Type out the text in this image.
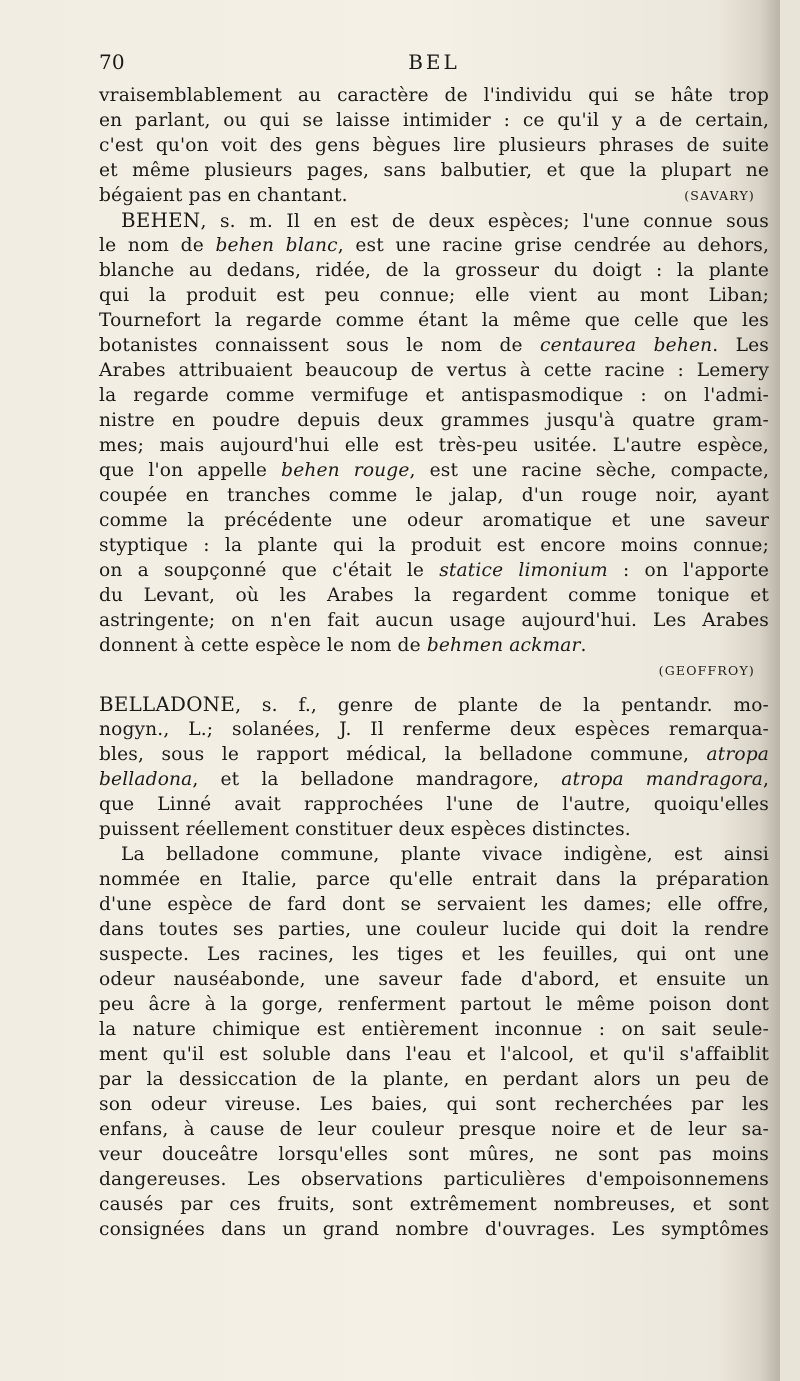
70	BEL
vraisemblablement au caractère de l'individu qui se hâte trop
en parlant, ou qui se laisse intimider : ce qu'il y a de certain,
c'est qu'on voit des gens bègues lire plusieurs phrases de suite
et même plusieurs pages, sans balbutier, et que la plupart ne
bégaient pas en chantant.	(SAVARY)
BEHEN, s. m. Il en est de deux espèces; l'une connue sous
le nom de behen blanc, est une racine grise cendrée au dehors,
blanche au dedans, ridée, de la grosseur du doigt : la plante
qui la produit est peu connue; elle vient au mont Liban;
Tournefort la regarde comme étant la même que celle que les
botanistes connaissent sous le nom de centaurea behen. Les
Arabes attribuaient beaucoup de vertus à cette racine : Lemery
la regarde comme vermifuge et antispasmodique : on l'admi-
nistre en poudre depuis deux grammes jusqu'à quatre gram-
mes; mais aujourd'hui elle est très-peu usitée. L'autre espèce,
que l'on appelle behen rouge, est une racine sèche, compacte,
coupée en tranches comme le jalap, d'un rouge noir, ayant
comme la précédente une odeur aromatique et une saveur
styptique : la plante qui la produit est encore moins connue;
on a soupçonné que c'était le statice limonium : on l'apporte
du Levant, où les Arabes la regardent comme tonique et
astringente; on n'en fait aucun usage aujourd'hui. Les Arabes
donnent à cette espèce le nom de behmen ackmar.
(GEOFFROY)
BELLADONE, s. f., genre de plante de la pentandr. mo-
nogyn., L.; solanées, J. Il renferme deux espèces remarqua-
bles, sous le rapport médical, la belladone commune, atropa
belladona, et la belladone mandragore, atropa mandragora,
que Linné avait rapprochées l'une de l'autre, quoiqu'elles
puissent réellement constituer deux espèces distinctes.
La belladone commune, plante vivace indigène, est ainsi
nommée en Italie, parce qu'elle entrait dans la préparation
d'une espèce de fard dont se servaient les dames; elle offre,
dans toutes ses parties, une couleur lucide qui doit la rendre
suspecte. Les racines, les tiges et les feuilles, qui ont une
odeur nauséabonde, une saveur fade d'abord, et ensuite un
peu âcre à la gorge, renferment partout le même poison dont
la nature chimique est entièrement inconnue : on sait seule-
ment qu'il est soluble dans l'eau et l'alcool, et qu'il s'affaiblit
par la dessiccation de la plante, en perdant alors un peu de
son odeur vireuse. Les baies, qui sont recherchées par les
enfans, à cause de leur couleur presque noire et de leur sa-
veur douceâtre lorsqu'elles sont mûres, ne sont pas moins
dangereuses. Les observations particulières d'empoisonnemens
causés par ces fruits, sont extrêmement nombreuses, et sont
consignées dans un grand nombre d'ouvrages. Les symptômes
